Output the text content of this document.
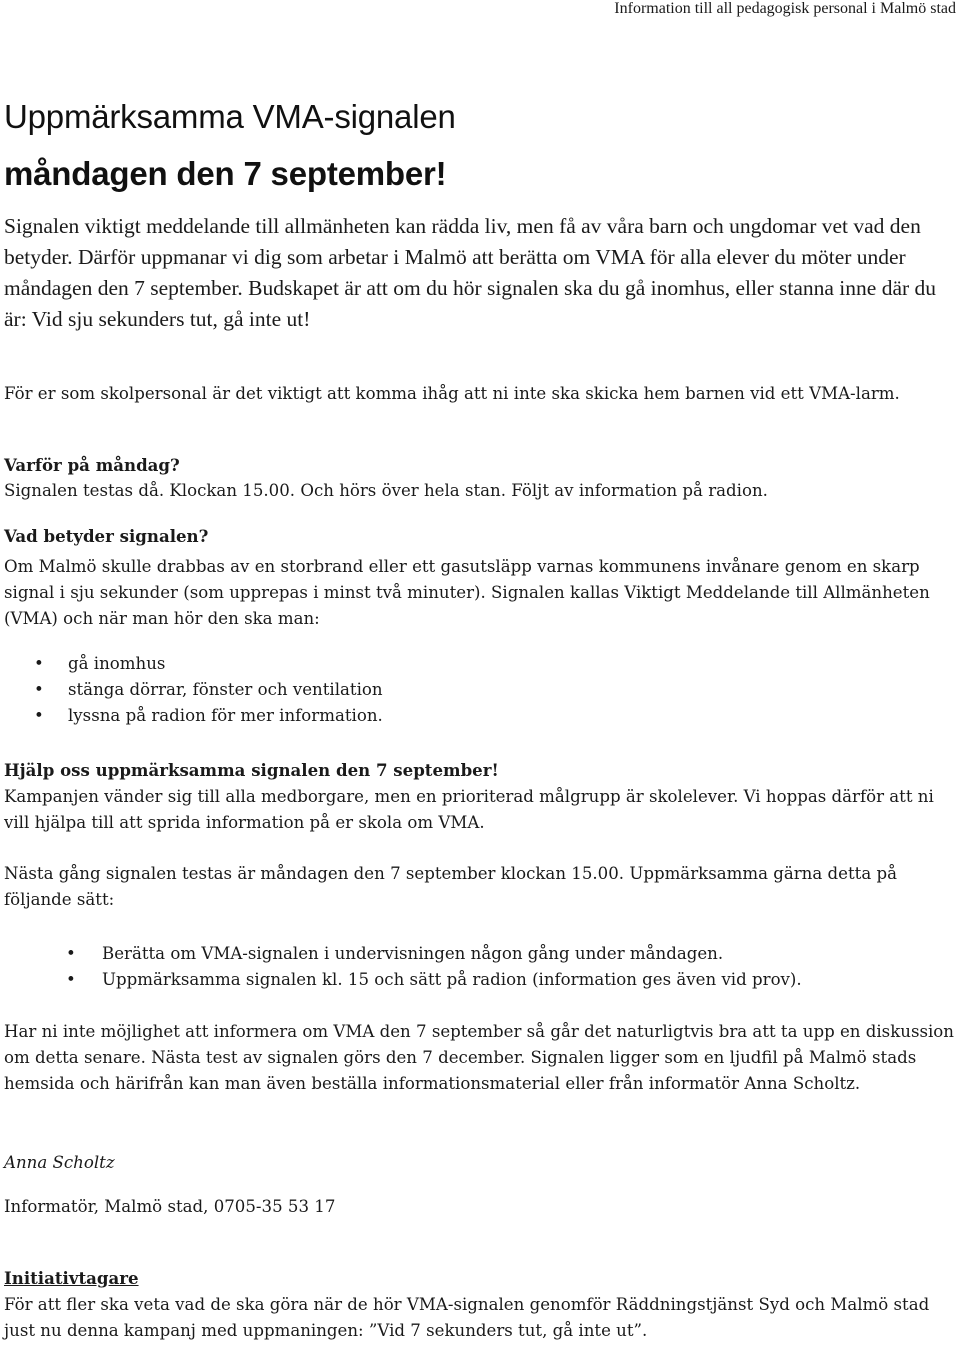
Information till all pedagogisk personal i Malmö stad
Uppmärksamma VMA-signalen
måndagen den 7 september!

Signalen viktigt meddelande till allmänheten kan rädda liv, men få av våra barn och ungdomar vet vad den betyder. Därför uppmanar vi dig som arbetar i Malmö att berätta om VMA för alla elever du möter under måndagen den 7 september. Budskapet är att om du hör signalen ska du gå inomhus, eller stanna inne där du är: Vid sju sekunders tut, gå inte ut!

För er som skolpersonal är det viktigt att komma ihåg att ni inte ska skicka hem barnen vid ett VMA-larm.

Varför på måndag?

Signalen testas då. Klockan 15.00. Och hörs över hela stan. Följt av information på radion.

Vad betyder signalen?

Om Malmö skulle drabbas av en storbrand eller ett gasutsläpp varnas kommunens invånare genom en skarp signal i sju sekunder (som upprepas i minst två minuter). Signalen kallas Viktigt Meddelande till Allmänheten (VMA) och när man hör den ska man:

• gå inomhus
• stänga dörrar, fönster och ventilation
• lyssna på radion för mer information.

Hjälp oss uppmärksamma signalen den 7 september!

Kampanjen vänder sig till alla medborgare, men en prioriterad målgrupp är skolelever. Vi hoppas därför att ni vill hjälpa till att sprida information på er skola om VMA.

Nästa gång signalen testas är måndagen den 7 september klockan 15.00. Uppmärksamma gärna detta på följande sätt:

• Berätta om VMA-signalen i undervisningen någon gång under måndagen.
• Uppmärksamma signalen kl. 15 och sätt på radion (information ges även vid prov).

Har ni inte möjlighet att informera om VMA den 7 september så går det naturligtvis bra att ta upp en diskussion om detta senare. Nästa test av signalen görs den 7 december. Signalen ligger som en ljudfil på Malmö stads hemsida och härifrån kan man även beställa informationsmaterial eller från informatör Anna Scholtz.

Anna Scholtz

Informatör, Malmö stad, 0705-35 53 17

Initiativtagare

För att fler ska veta vad de ska göra när de hör VMA-signalen genomför Räddningstjänst Syd och Malmö stad just nu denna kampanj med uppmaningen: ”Vid 7 sekunders tut, gå inte ut”.
